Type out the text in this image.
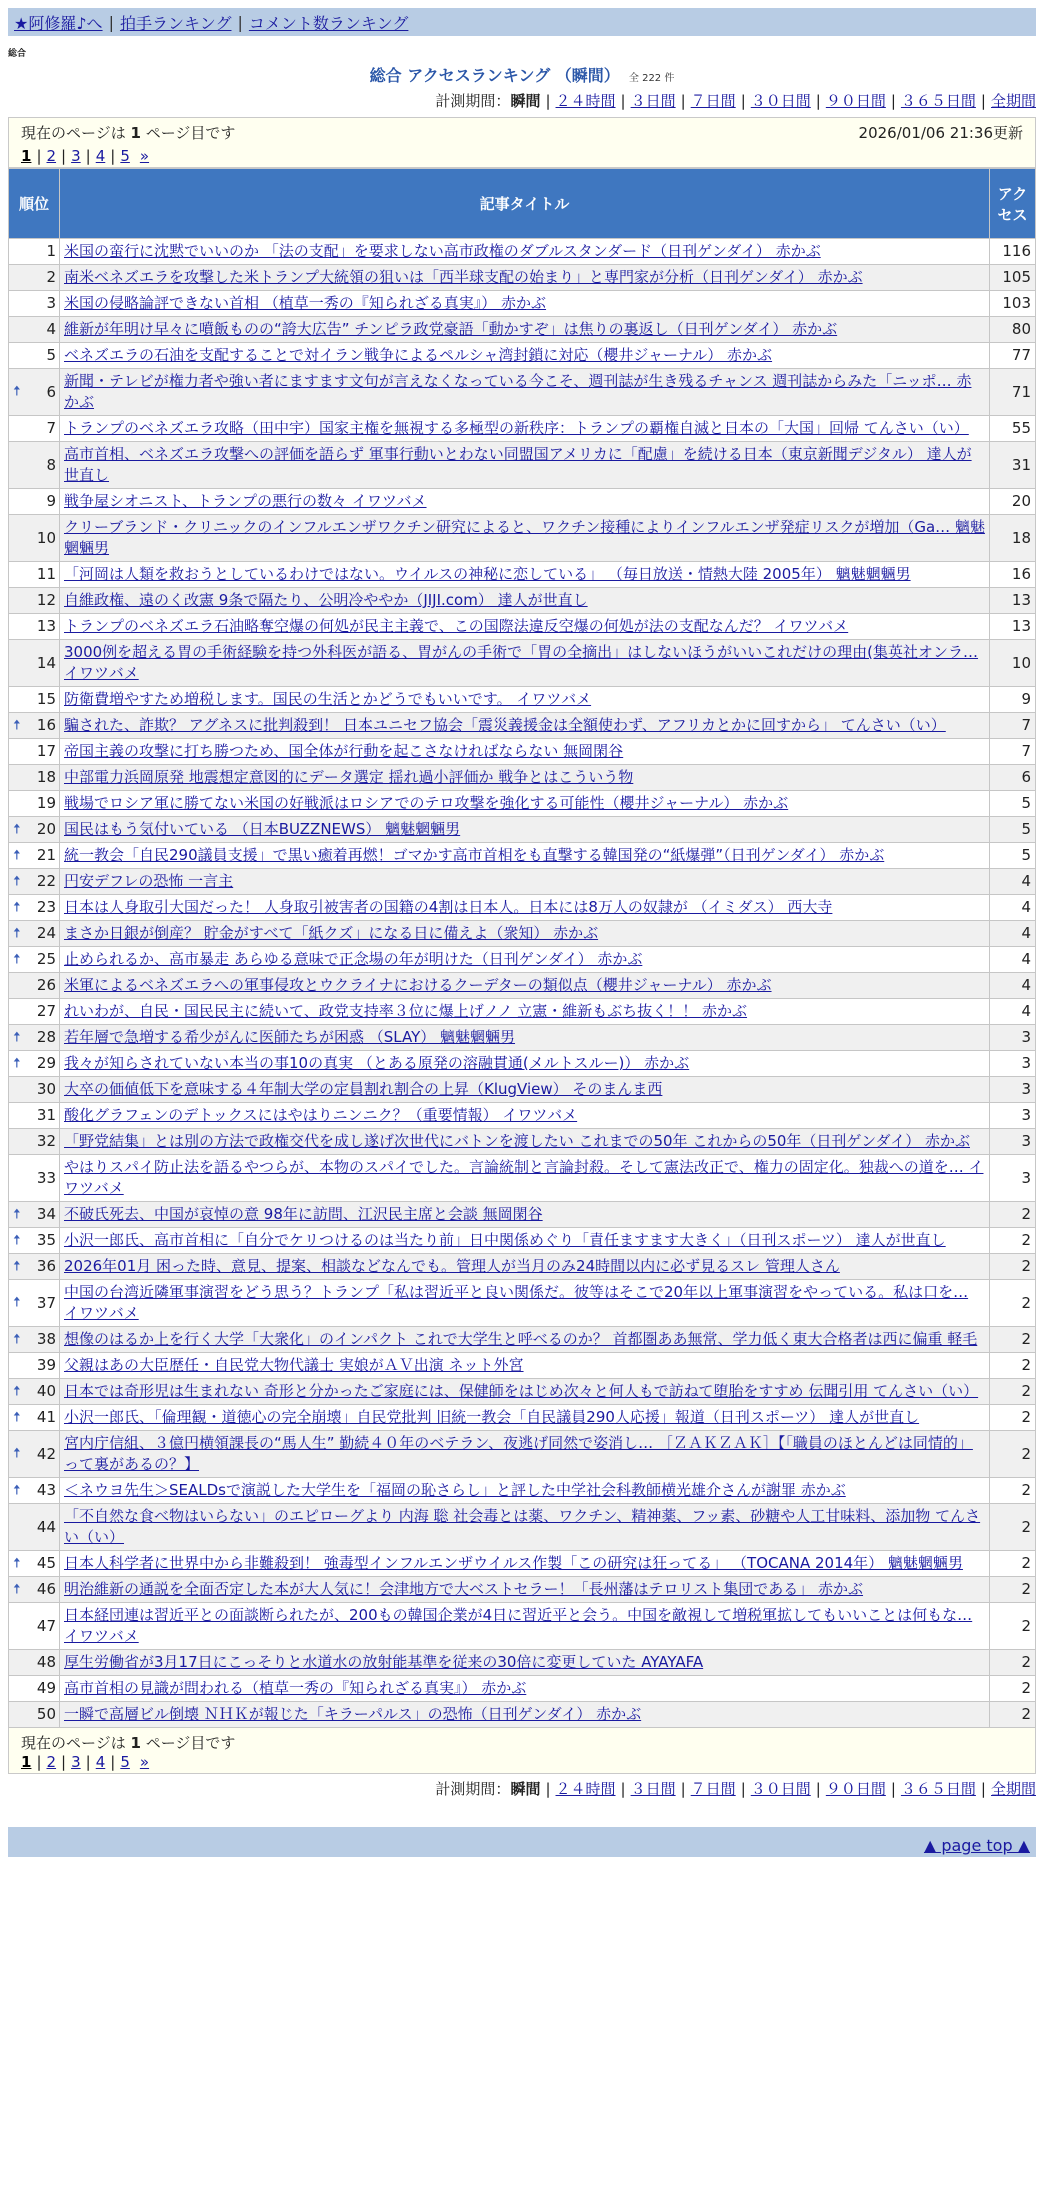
★阿修羅♪へ | 拍手ランキング | コメント数ランキング
総合
総合 アクセスランキング （瞬間） 全 222 件
計測期間：瞬間 | ２４時間 | ３日間 | ７日間 | ３０日間 | ９０日間 | ３６５日間 | 全期間
現在のページは 1 ページ目です	2026/01/06 21:36更新
1 | 2 | 3 | 4 | 5 »
順位	記事タイトル	アクセス
1	米国の蛮行に沈黙でいいのか 「法の支配」を要求しない高市政権のダブルスタンダード（日刊ゲンダイ） 赤かぶ	116
2	南米ベネズエラを攻撃した米トランプ大統領の狙いは「西半球支配の始まり」と専門家が分析（日刊ゲンダイ） 赤かぶ	105
3	米国の侵略論評できない首相 （植草一秀の『知られざる真実』） 赤かぶ	103
4	維新が年明け早々に噴飯ものの“誇大広告” チンピラ政党豪語「動かすぞ」は焦りの裏返し（日刊ゲンダイ） 赤かぶ	80
5	ベネズエラの石油を支配することで対イラン戦争によるペルシャ湾封鎖に対応（櫻井ジャーナル） 赤かぶ	77

🠅 6	新聞・テレビが権力者や強い者にますます文句が言えなくなっている今こそ、週刊誌が生き残るチャンス 週刊誌からみた「ニッポ… 赤かぶ	71
7	トランプのベネズエラ攻略（田中宇）国家主権を無視する多極型の新秩序：トランプの覇権自滅と日本の「大国」回帰 てんさい（い）	55
8	高市首相、ベネズエラ攻撃への評価を語らず 軍事行動いとわない同盟国アメリカに「配慮」を続ける日本（東京新聞デジタル） 達人が世直し	31
9	戦争屋シオニスト、トランプの悪行の数々 イワツバメ	20
10	クリーブランド・クリニックのインフルエンザワクチン研究によると、ワクチン接種によりインフルエンザ発症リスクが増加（Ga… 魑魅魍魎男	18
11	「河岡は人類を救おうとしているわけではない。ウイルスの神秘に恋している」 （毎日放送・情熱大陸 2005年） 魑魅魍魎男	16
12	自維政権、遠のく改憲 9条で隔たり、公明冷ややか（JIJI.com） 達人が世直し	13
13	トランプのベネズエラ石油略奪空爆の何処が民主主義で、この国際法違反空爆の何処が法の支配なんだ？ イワツバメ	13
14	3000例を超える胃の手術経験を持つ外科医が語る、胃がんの手術で「胃の全摘出」はしないほうがいいこれだけの理由(集英社オンラ… イワツバメ	10
15	防衛費増やすため増税します。国民の生活とかどうでもいいです。 イワツバメ	9

🠅 16	騙された、詐欺？ アグネスに批判殺到！ 日本ユニセフ協会「震災義援金は全額使わず、アフリカとかに回すから」 てんさい（い）	7
17	帝国主義の攻撃に打ち勝つため、国全体が行動を起こさなければならない 無岡閑谷	7
18	中部電力浜岡原発 地震想定意図的にデータ選定 揺れ過小評価か 戦争とはこういう物	6
19	戦場でロシア軍に勝てない米国の好戦派はロシアでのテロ攻撃を強化する可能性（櫻井ジャーナル） 赤かぶ	5

🠅 20	国民はもう気付いている （日本BUZZNEWS） 魑魅魍魎男	5

🠅 21	統一教会「自民290議員支援」で黒い癒着再燃！ゴマかす高市首相をも直撃する韓国発の“紙爆弾”（日刊ゲンダイ） 赤かぶ	5

🠅 22	円安デフレの恐怖 一言主	4

🠅 23	日本は人身取引大国だった！ 人身取引被害者の国籍の4割は日本人。日本には8万人の奴隷が （イミダス） 西大寺	4

🠅 24	まさか日銀が倒産？ 貯金がすべて「紙クズ」になる日に備えよ（衆知） 赤かぶ	4

🠅 25	止められるか、高市暴走 あらゆる意味で正念場の年が明けた（日刊ゲンダイ） 赤かぶ	4
26	米軍によるベネズエラへの軍事侵攻とウクライナにおけるクーデターの類似点（櫻井ジャーナル） 赤かぶ	4
27	れいわが、自民・国民民主に続いて、政党支持率３位に爆上げノノ 立憲・維新もぶち抜く！！ 赤かぶ	4

🠅 28	若年層で急増する希少がんに医師たちが困惑 （SLAY） 魑魅魍魎男	3

🠅 29	我々が知らされていない本当の事10の真実 （とある原発の溶融貫通(メルトスルー)） 赤かぶ	3
30	大卒の価値低下を意味する４年制大学の定員割れ割合の上昇（KlugView） そのまんま西	3
31	酸化グラフェンのデトックスにはやはりニンニク？（重要情報） イワツバメ	3
32	「野党結集」とは別の方法で政権交代を成し遂げ次世代にバトンを渡したい これまでの50年 これからの50年（日刊ゲンダイ） 赤かぶ	3
33	やはりスパイ防止法を語るやつらが、本物のスパイでした。言論統制と言論封殺。そして憲法改正で、権力の固定化。独裁への道を… イワツバメ	3

🠅 34	不破氏死去、中国が哀悼の意 98年に訪問、江沢民主席と会談 無岡閑谷	2

🠅 35	小沢一郎氏、高市首相に「自分でケリつけるのは当たり前」日中関係めぐり「責任ますます大きく」（日刊スポーツ） 達人が世直し	2

🠅 36	2026年01月 困った時、意見、提案、相談などなんでも。管理人が当月のみ24時間以内に必ず見るスレ 管理人さん	2

🠅 37	中国の台湾近隣軍事演習をどう思う？トランプ「私は習近平と良い関係だ。彼等はそこで20年以上軍事演習をやっている。私は口を… イワツバメ	2

🠅 38	想像のはるか上を行く大学「大衆化」のインパクト これで大学生と呼べるのか？ 首都圏ああ無常、学力低く東大合格者は西に偏重 軽毛	2
39	父親はあの大臣歴任・自民党大物代議士 実娘がＡＶ出演 ネット外宮	2

🠅 40	日本では奇形児は生まれない 奇形と分かったご家庭には、保健師をはじめ次々と何人もで訪ねて堕胎をすすめ 伝聞引用 てんさい（い）	2

🠅 41	小沢一郎氏、「倫理観・道徳心の完全崩壊」自民党批判 旧統一教会「自民議員290人応援」報道（日刊スポーツ） 達人が世直し	2

🠅 42	宮内庁信組、３億円横領課長の“馬人生” 勤続４０年のベテラン、夜逃げ同然で姿消し… ［ＺＡＫＺＡＫ］【「職員のほとんどは同情的」って裏があるの？】	2

🠅 43	＜ネウヨ先生＞SEALDsで演説した大学生を「福岡の恥さらし」と評した中学社会科教師横光雄介さんが謝罪 赤かぶ	2
44	「不自然な食べ物はいらない」のエピローグより 内海 聡 社会毒とは薬、ワクチン、精神薬、フッ素、砂糖や人工甘味料、添加物 てんさい（い）	2

🠅 45	日本人科学者に世界中から非難殺到！ 強毒型インフルエンザウイルス作製「この研究は狂ってる」 （TOCANA 2014年） 魑魅魍魎男	2

🠅 46	明治維新の通説を全面否定した本が大人気に！会津地方で大ベストセラー！「長州藩はテロリスト集団である」 赤かぶ	2
47	日本経団連は習近平との面談断られたが、200もの韓国企業が4日に習近平と会う。中国を敵視して増税軍拡してもいいことは何もな… イワツバメ	2
48	厚生労働省が3月17日にこっそりと水道水の放射能基準を従来の30倍に変更していた AYAYAFA	2
49	高市首相の見識が問われる（植草一秀の『知られざる真実』） 赤かぶ	2
50	一瞬で高層ビル倒壊 ＮＨＫが報じた「キラーパルス」の恐怖（日刊ゲンダイ） 赤かぶ	2
現在のページは 1 ページ目です
1 | 2 | 3 | 4 | 5 »
計測期間：瞬間 | ２４時間 | ３日間 | ７日間 | ３０日間 | ９０日間 | ３６５日間 | 全期間
▲ page top ▲
